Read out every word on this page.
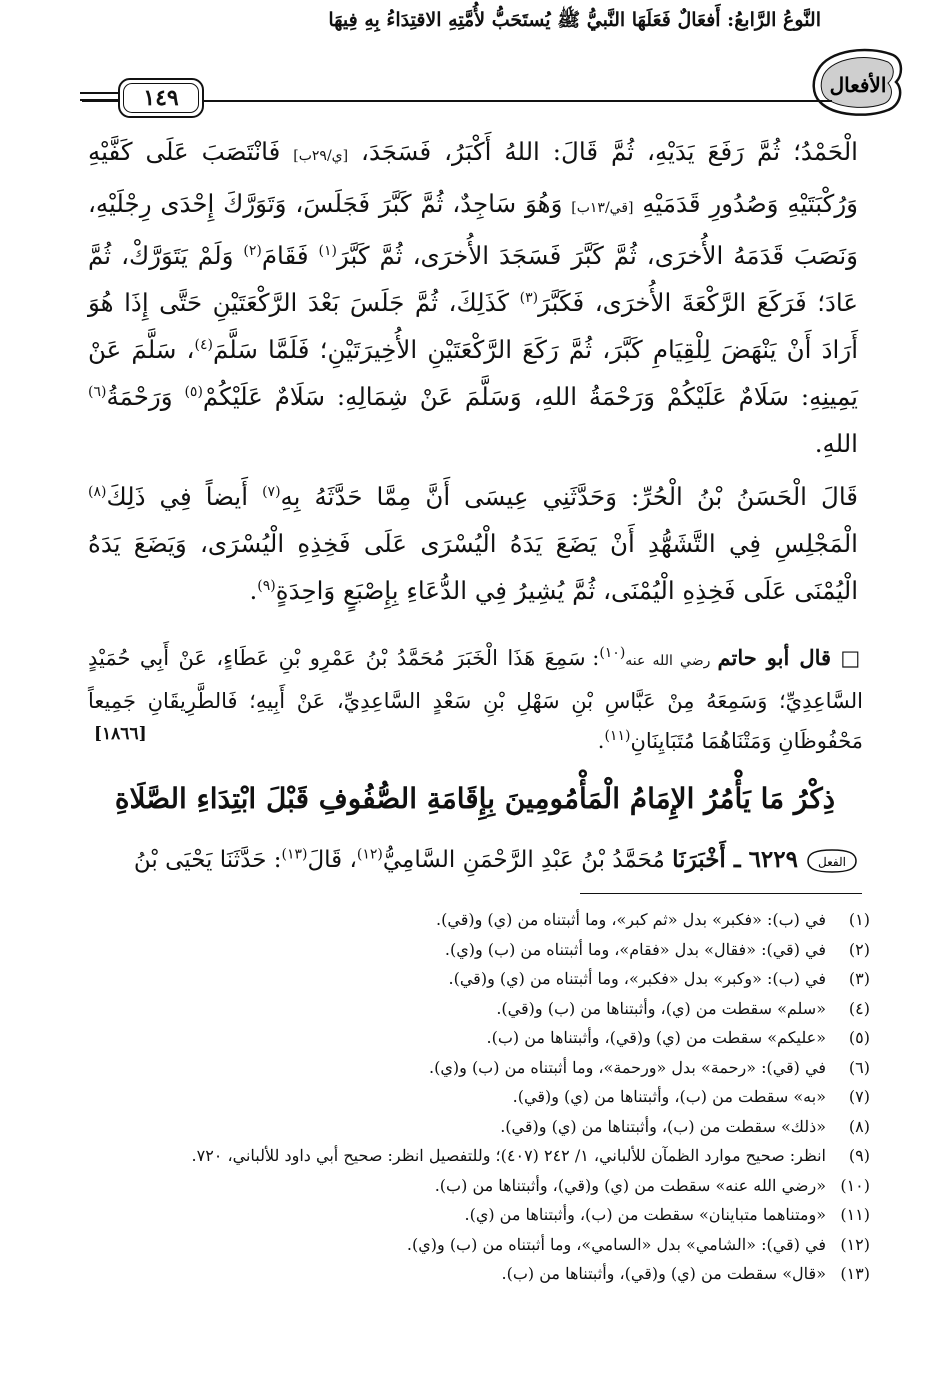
الأفعال
النَّوعُ الرَّابعُ: أَفعَالٌ فَعَلَهَا النَّبيُّ ﷺ يُستَحَبُّ لأُمَّتِهِ الاقتِدَاءُ بِهِ فِيهَا
١٤٩

الْحَمْدُ؛ ثُمَّ رَفَعَ يَدَيْهِ، ثُمَّ قَالَ: اللهُ أَكْبَرُ، فَسَجَدَ، [ي/٢٩ب] فَانْتَصَبَ عَلَى كَفَّيْهِ وَرُكْبَتَيْهِ وَصُدُورِ قَدَمَيْهِ [قي/١٣ب] وَهُوَ سَاجِدٌ، ثُمَّ كَبَّرَ فَجَلَسَ، وَتَوَرَّكَ إِحْدَى رِجْلَيْهِ، وَنَصَبَ قَدَمَهُ الأُخرَى، ثُمَّ كَبَّرَ فَسَجَدَ الأُخرَى، ثُمَّ كَبَّرَ$^{(١)}$ فَقَامَ$^{(٢)}$ وَلَمْ يَتَوَرَّكْ، ثُمَّ عَادَ؛ فَرَكَعَ الرَّكْعَةَ الأُخرَى، فَكَبَّرَ$^{(٣)}$ كَذَلِكَ، ثُمَّ جَلَسَ بَعْدَ الرَّكْعَتَيْنِ حَتَّى إِذَا هُوَ أَرَادَ أَنْ يَنْهَضَ لِلْقِيَامِ كَبَّرَ، ثُمَّ رَكَعَ الرَّكْعَتَيْنِ الأُخِيرَتَيْنِ؛ فَلَمَّا سَلَّمَ$^{(٤)}$، سَلَّمَ عَنْ يَمِينِهِ: سَلَامٌ عَلَيْكُمْ وَرَحْمَةُ اللهِ، وَسَلَّمَ عَنْ شِمَالِهِ: سَلَامٌ عَلَيْكُمْ$^{(٥)}$ وَرَحْمَةُ$^{(٦)}$ اللهِ.

قَالَ الْحَسَنُ بْنُ الْحُرِّ: وَحَدَّثَنِي عِيسَى أَنَّ مِمَّا حَدَّثَهُ بِهِ$^{(٧)}$ أَيضاً فِي ذَلِكَ$^{(٨)}$ الْمَجْلِسِ فِي التَّشَهُّدِ أَنْ يَضَعَ يَدَهُ الْيُسْرَى عَلَى فَخِذِهِ الْيُسْرَى، وَيَضَعَ يَدَهُ الْيُمْنَى عَلَى فَخِذِهِ الْيُمْنَى، ثُمَّ يُشِيرُ فِي الدُّعَاءِ بِإِصْبَعٍ وَاحِدَةٍ$^{(٩)}$.

□ قال أبو حاتم رضي الله عنه$^{(١٠)}$: سَمِعَ هَذَا الْخَبَرَ مُحَمَّدُ بْنُ عَمْرِو بْنِ عَطَاءٍ، عَنْ أَبِي حُمَيْدٍ السَّاعِدِيِّ؛ وَسَمِعَهُ مِنْ عَبَّاسِ بْنِ سَهْلِ بْنِ سَعْدٍ السَّاعِدِيِّ، عَنْ أَبِيهِ؛ فَالطَّرِيقَانِ جَمِيعاً مَحْفُوظَانِ وَمَتْنَاهُمَا مُتَبَايِنَانِ$^{(١١)}$.

[١٨٦٦]
ذِكْرُ مَا يَأْمُرُ الإِمَامُ الْمَأْمُومِينَ بِإِقَامَةِ الصُّفُوفِ قَبْلَ ابْتِدَاءِ الصَّلَاةِ
الفعل
٦٢٢٩ ـ أَخْبَرَنَا مُحَمَّدُ بْنُ عَبْدِ الرَّحْمَنِ السَّامِيُّ$^{(١٢)}$، قَالَ$^{(١٣)}$: حَدَّثَنَا يَحْيَى بْنُ
(١)
في (ب): «فكبر» بدل «ثم كبر»، وما أثبتناه من (ي) و(قي).
(٢)
في (قي): «فقال» بدل «فقام»، وما أثبتناه من (ب) و(ي).
(٣)
في (ب): «وكبر» بدل «فكبر»، وما أثبتناه من (ي) و(قي).
(٤)
«سلم» سقطت من (ي)، وأثبتناها من (ب) و(قي).
(٥)
«عليكم» سقطت من (ي) و(قي)، وأثبتناها من (ب).
(٦)
في (قي): «رحمة» بدل «ورحمة»، وما أثبتناه من (ب) و(ي).
(٧)
«به» سقطت من (ب)، وأثبتناها من (ي) و(قي).
(٨)
«ذلك» سقطت من (ب)، وأثبتناها من (ي) و(قي).
(٩)
انظر: صحيح موارد الظمآن للألباني، ١/ ٢٤٢ (٤٠٧)؛ وللتفصيل انظر: صحيح أبي داود للألباني، ٧٢٠.
(١٠)
«رضي الله عنه» سقطت من (ي) و(قي)، وأثبتناها من (ب).
(١١)
«ومتناهما متباينان» سقطت من (ب)، وأثبتناها من (ي).
(١٢)
في (قي): «الشامي» بدل «السامي»، وما أثبتناه من (ب) و(ي).
(١٣)
«قال» سقطت من (ي) و(قي)، وأثبتناها من (ب).
